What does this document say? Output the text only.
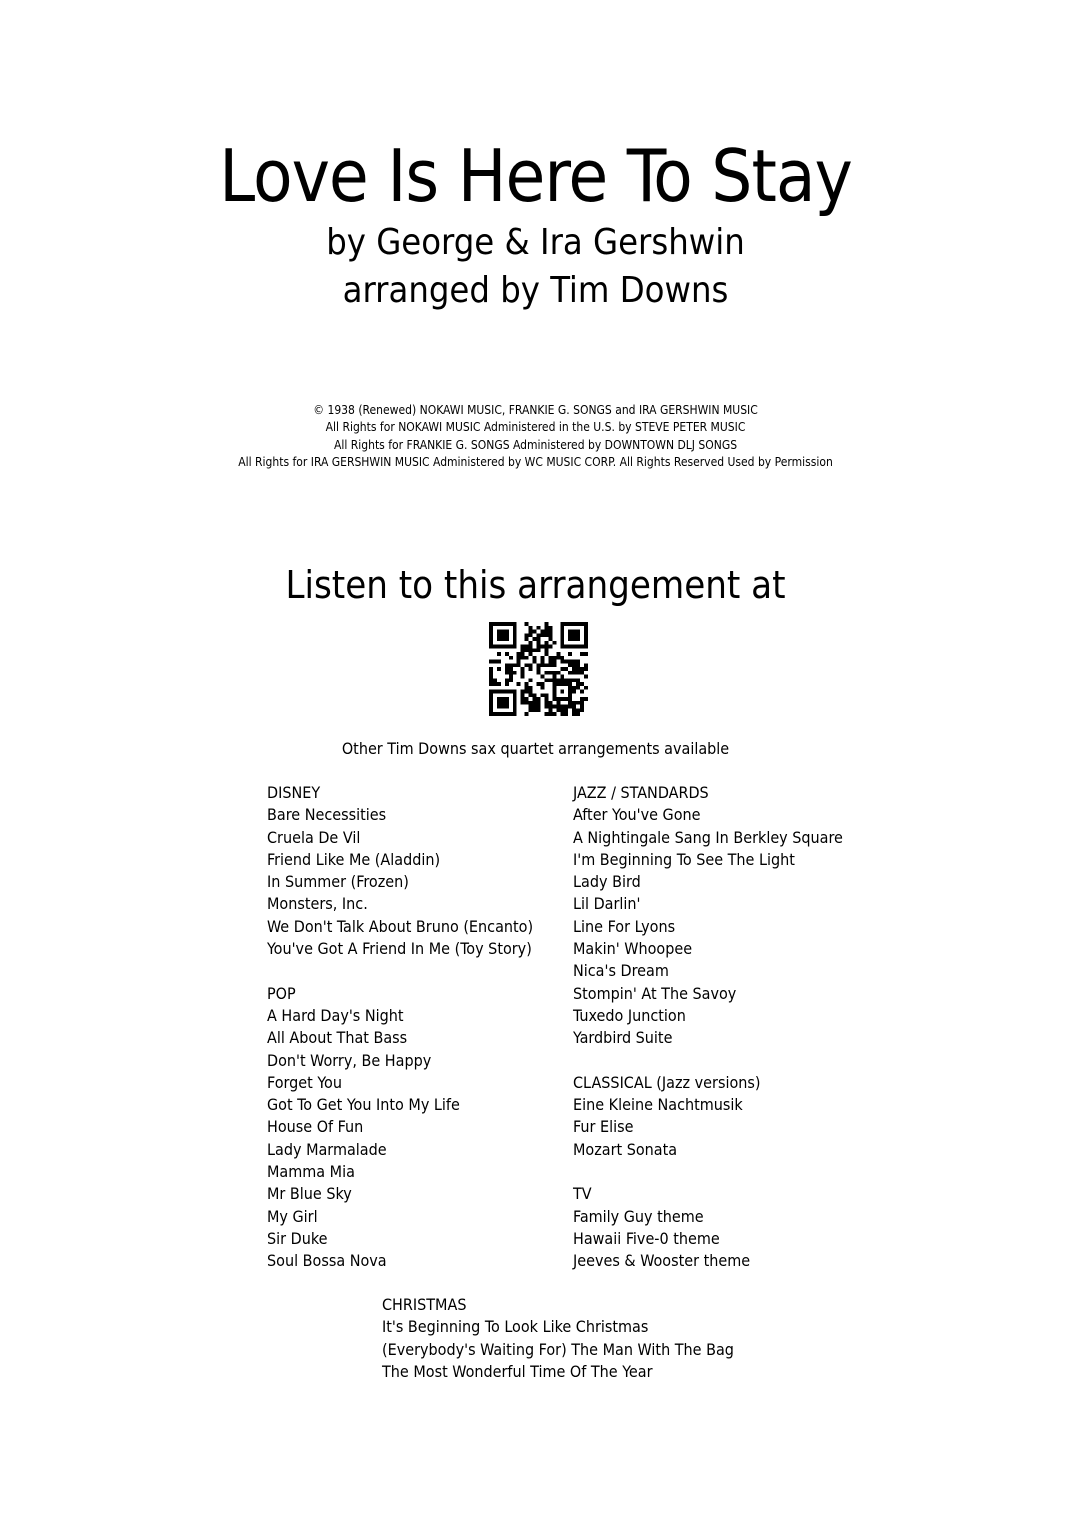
Love Is Here To Stay
by George & Ira Gershwin
arranged by Tim Downs
© 1938 (Renewed) NOKAWI MUSIC, FRANKIE G. SONGS and IRA GERSHWIN MUSIC
All Rights for NOKAWI MUSIC Administered in the U.S. by STEVE PETER MUSIC
All Rights for FRANKIE G. SONGS Administered by DOWNTOWN DLJ SONGS
All Rights for IRA GERSHWIN MUSIC Administered by WC MUSIC CORP. All Rights Reserved Used by Permission
Listen to this arrangement at
Other Tim Downs sax quartet arrangements available
DISNEY
Bare Necessities
Cruela De Vil
Friend Like Me (Aladdin)
In Summer (Frozen)
Monsters, Inc.
We Don't Talk About Bruno (Encanto)
You've Got A Friend In Me (Toy Story)
POP
A Hard Day's Night
All About That Bass
Don't Worry, Be Happy
Forget You
Got To Get You Into My Life
House Of Fun
Lady Marmalade
Mamma Mia
Mr Blue Sky
My Girl
Sir Duke
Soul Bossa Nova
JAZZ / STANDARDS
After You've Gone
A Nightingale Sang In Berkley Square
I'm Beginning To See The Light
Lady Bird
Lil Darlin'
Line For Lyons
Makin' Whoopee
Nica's Dream
Stompin' At The Savoy
Tuxedo Junction
Yardbird Suite
CLASSICAL (Jazz versions)
Eine Kleine Nachtmusik
Fur Elise
Mozart Sonata
TV
Family Guy theme
Hawaii Five-0 theme
Jeeves & Wooster theme
CHRISTMAS
It's Beginning To Look Like Christmas
(Everybody's Waiting For) The Man With The Bag
The Most Wonderful Time Of The Year
